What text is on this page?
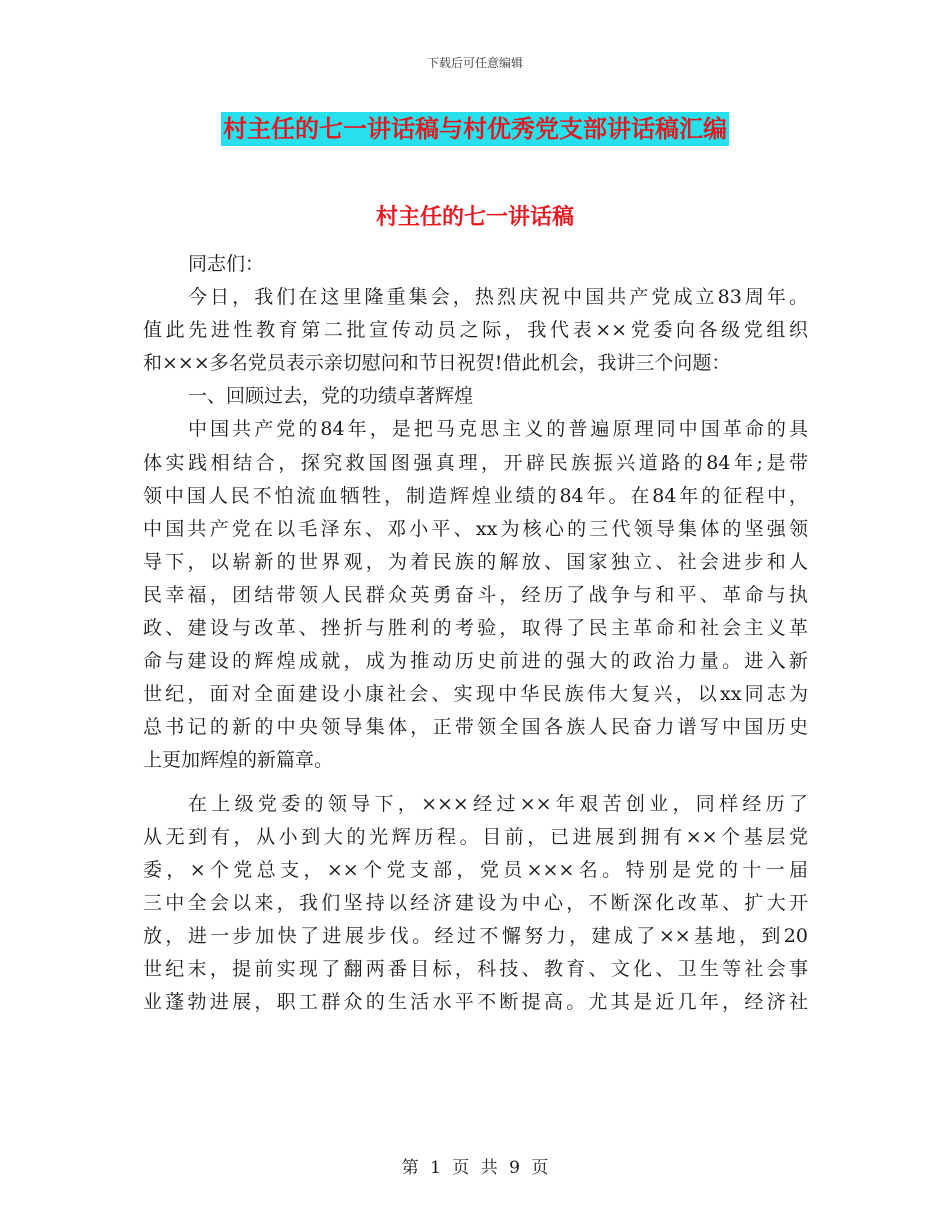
下载后可任意编辑
村主任的七一讲话稿与村优秀党支部讲话稿汇编
村主任的七一讲话稿
同志们：
今日，我们在这里隆重集会，热烈庆祝中国共产党成立83周年。
值此先进性教育第二批宣传动员之际，我代表××党委向各级党组织
和×××多名党员表示亲切慰问和节日祝贺!借此机会，我讲三个问题：
一、回顾过去，党的功绩卓著辉煌
中国共产党的84年，是把马克思主义的普遍原理同中国革命的具
体实践相结合，探究救国图强真理，开辟民族振兴道路的84年;是带
领中国人民不怕流血牺牲，制造辉煌业绩的84年。在84年的征程中，
中国共产党在以毛泽东、邓小平、xx为核心的三代领导集体的坚强领
导下，以崭新的世界观，为着民族的解放、国家独立、社会进步和人
民幸福，团结带领人民群众英勇奋斗，经历了战争与和平、革命与执
政、建设与改革、挫折与胜利的考验，取得了民主革命和社会主义革
命与建设的辉煌成就，成为推动历史前进的强大的政治力量。进入新
世纪，面对全面建设小康社会、实现中华民族伟大复兴，以xx同志为
总书记的新的中央领导集体，正带领全国各族人民奋力谱写中国历史
上更加辉煌的新篇章。
在上级党委的领导下，×××经过××年艰苦创业，同样经历了
从无到有，从小到大的光辉历程。目前，已进展到拥有××个基层党
委，×个党总支，××个党支部，党员×××名。特别是党的十一届
三中全会以来，我们坚持以经济建设为中心，不断深化改革、扩大开
放，进一步加快了进展步伐。经过不懈努力，建成了××基地，到20
世纪末，提前实现了翻两番目标，科技、教育、文化、卫生等社会事
业蓬勃进展，职工群众的生活水平不断提高。尤其是近几年，经济社
第 1 页 共 9 页
